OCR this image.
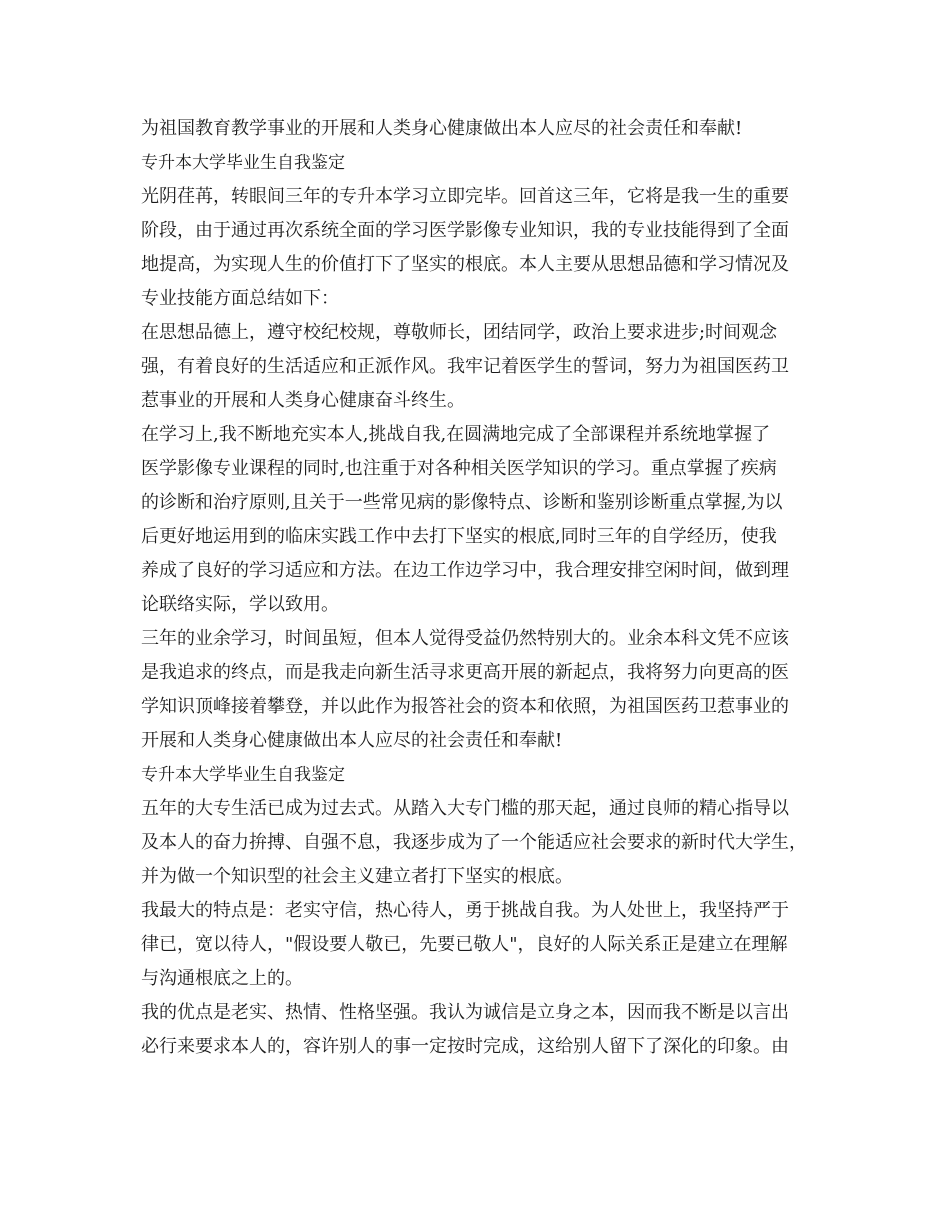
为祖国教育教学事业的开展和人类身心健康做出本人应尽的社会责任和奉献!
专升本大学毕业生自我鉴定
光阴荏苒，转眼间三年的专升本学习立即完毕。回首这三年，它将是我一生的重要
阶段，由于通过再次系统全面的学习医学影像专业知识，我的专业技能得到了全面
地提高，为实现人生的价值打下了坚实的根底。本人主要从思想品德和学习情况及
专业技能方面总结如下：
在思想品德上，遵守校纪校规，尊敬师长，团结同学，政治上要求进步;时间观念
强，有着良好的生活适应和正派作风。我牢记着医学生的誓词，努力为祖国医药卫
惹事业的开展和人类身心健康奋斗终生。
在学习上,我不断地充实本人,挑战自我,在圆满地完成了全部课程并系统地掌握了
医学影像专业课程的同时,也注重于对各种相关医学知识的学习。重点掌握了疾病
的诊断和治疗原则,且关于一些常见病的影像特点、诊断和鉴别诊断重点掌握,为以
后更好地运用到的临床实践工作中去打下坚实的根底,同时三年的自学经历，使我
养成了良好的学习适应和方法。在边工作边学习中，我合理安排空闲时间，做到理
论联络实际，学以致用。
三年的业余学习，时间虽短，但本人觉得受益仍然特别大的。业余本科文凭不应该
是我追求的终点，而是我走向新生活寻求更高开展的新起点，我将努力向更高的医
学知识顶峰接着攀登，并以此作为报答社会的资本和依照，为祖国医药卫惹事业的
开展和人类身心健康做出本人应尽的社会责任和奉献!
专升本大学毕业生自我鉴定
五年的大专生活已成为过去式。从踏入大专门槛的那天起，通过良师的精心指导以
及本人的奋力拚搏、自强不息，我逐步成为了一个能适应社会要求的新时代大学生，
并为做一个知识型的社会主义建立者打下坚实的根底。
我最大的特点是：老实守信，热心待人，勇于挑战自我。为人处世上，我坚持严于
律已，宽以待人，"假设要人敬已，先要已敬人"，良好的人际关系正是建立在理解
与沟通根底之上的。
我的优点是老实、热情、性格坚强。我认为诚信是立身之本，因而我不断是以言出
必行来要求本人的，容许别人的事一定按时完成，这给别人留下了深化的印象。由
